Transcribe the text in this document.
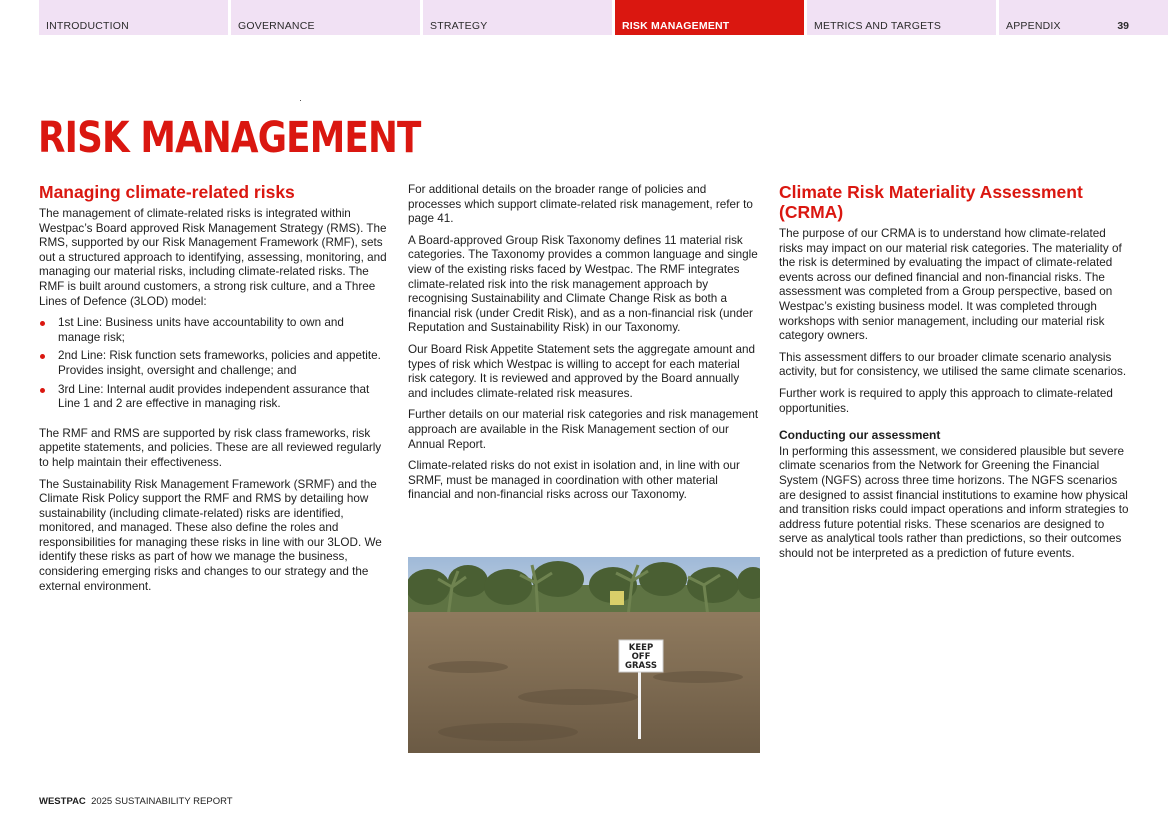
INTRODUCTION	GOVERNANCE	STRATEGY	RISK MANAGEMENT	METRICS AND TARGETS	APPENDIX	39
RISK MANAGEMENT
Managing climate-related risks

The management of climate-related risks is integrated within Westpac’s Board approved Risk Management Strategy (RMS). The RMS, supported by our Risk Management Framework (RMF), sets out a structured approach to identifying, assessing, monitoring, and managing our material risks, including climate-related risks. The RMF is built around customers, a strong risk culture, and a Three Lines of Defence (3LOD) model:

1st Line: Business units have accountability to own and manage risk;
2nd Line: Risk function sets frameworks, policies and appetite. Provides insight, oversight and challenge; and
3rd Line: Internal audit provides independent assurance that Line 1 and 2 are effective in managing risk.

The RMF and RMS are supported by risk class frameworks, risk appetite statements, and policies. These are all reviewed regularly to help maintain their effectiveness.

The Sustainability Risk Management Framework (SRMF) and the Climate Risk Policy support the RMF and RMS by detailing how sustainability (including climate-related) risks are identified, monitored, and managed. These also define the roles and responsibilities for managing these risks in line with our 3LOD. We identify these risks as part of how we manage the business, considering emerging risks and changes to our strategy and the external environment.

For additional details on the broader range of policies and processes which support climate-related risk management, refer to page 41.

A Board-approved Group Risk Taxonomy defines 11 material risk categories. The Taxonomy provides a common language and single view of the existing risks faced by Westpac. The RMF integrates climate-related risk into the risk management approach by recognising Sustainability and Climate Change Risk as both a financial risk (under Credit Risk), and as a non-financial risk (under Reputation and Sustainability Risk) in our Taxonomy.

Our Board Risk Appetite Statement sets the aggregate amount and types of risk which Westpac is willing to accept for each material risk category. It is reviewed and approved by the Board annually and includes climate-related risk measures.

Further details on our material risk categories and risk management approach are available in the Risk Management section of our Annual Report.

Climate-related risks do not exist in isolation and, in line with our SRMF, must be managed in coordination with other material financial and non-financial risks across our Taxonomy.

KEEP
OFF
GRASS
Climate Risk Materiality Assessment (CRMA)

The purpose of our CRMA is to understand how climate-related risks may impact on our material risk categories. The materiality of the risk is determined by evaluating the impact of climate-related events across our defined financial and non-financial risks. The assessment was completed from a Group perspective, based on Westpac’s existing business model. It was completed through workshops with senior management, including our material risk category owners.

This assessment differs to our broader climate scenario analysis activity, but for consistency, we utilised the same climate scenarios.

Further work is required to apply this approach to climate-related opportunities.

Conducting our assessment

In performing this assessment, we considered plausible but severe climate scenarios from the Network for Greening the Financial System (NGFS) across three time horizons. The NGFS scenarios are designed to assist financial institutions to examine how physical and transition risks could impact operations and inform strategies to address future potential risks. These scenarios are designed to serve as analytical tools rather than predictions, so their outcomes should not be interpreted as a prediction of future events.

WESTPAC 2025 SUSTAINABILITY REPORT
